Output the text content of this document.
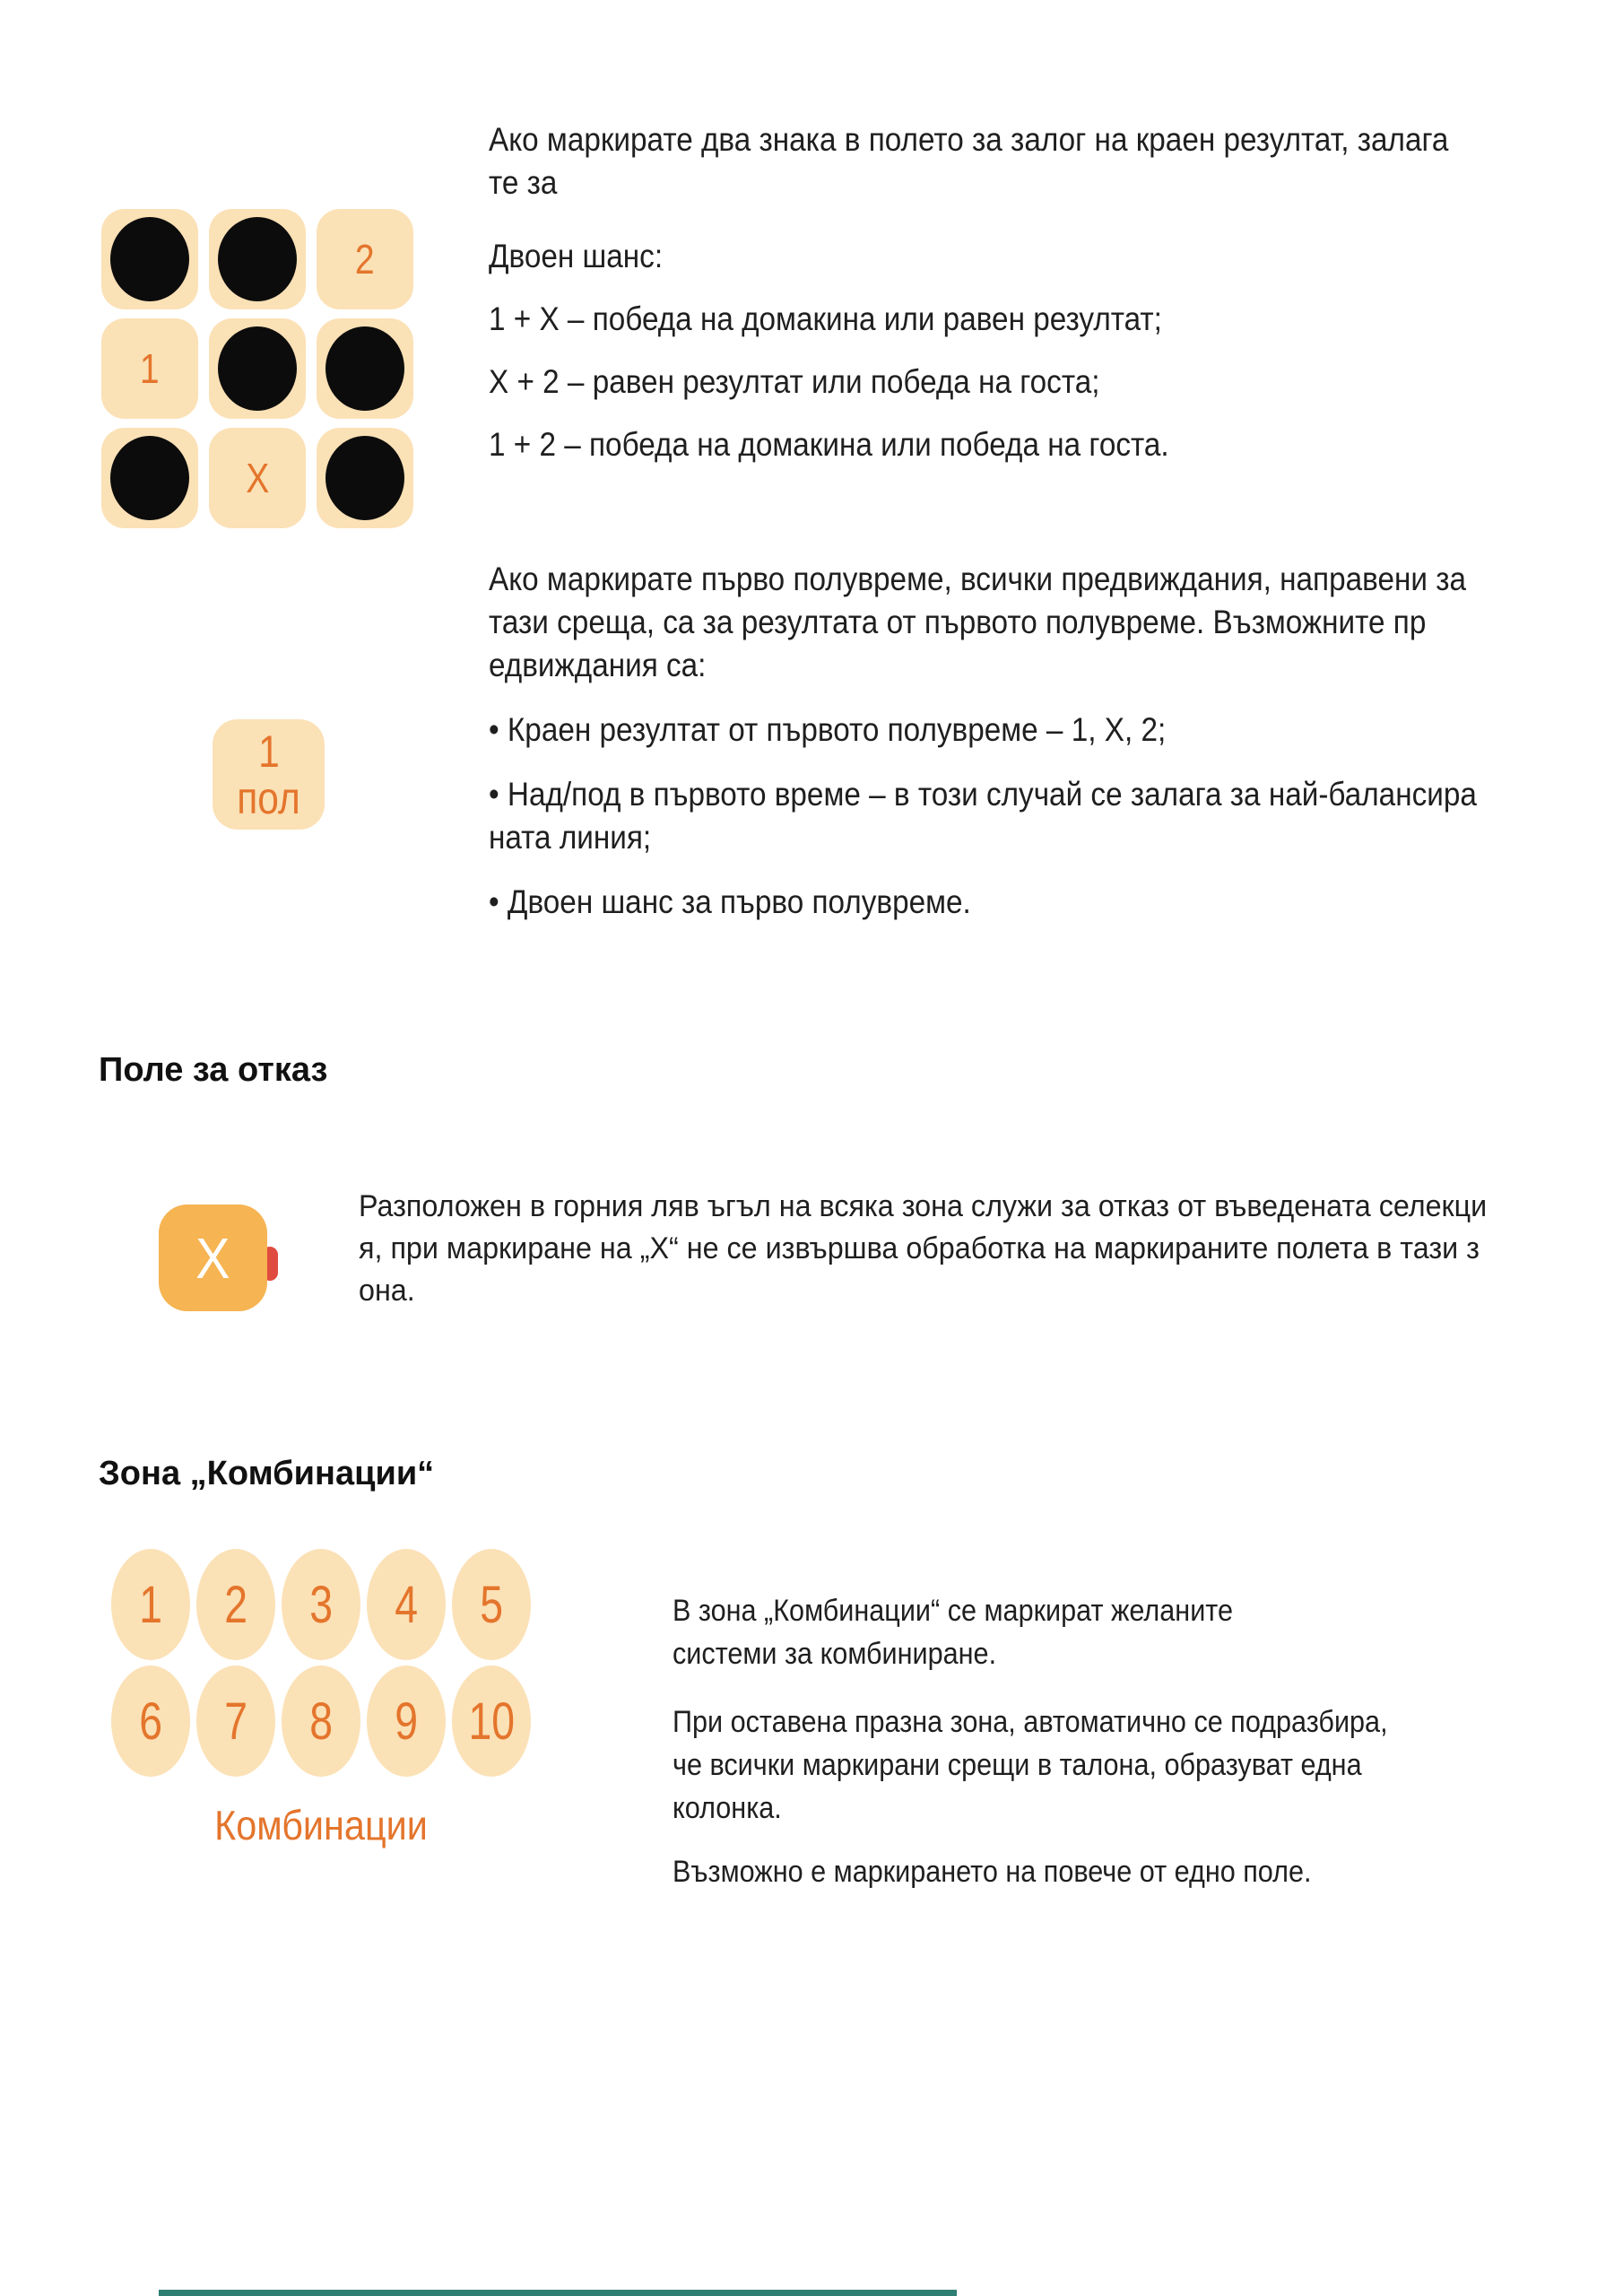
2
1
X
Ако маркирате два знака в полето за залог на краен резултат, залага
те за
Двоен шанс:
1 + X – победа на домакина или равен резултат;
X + 2 – равен резултат или победа на госта;
1 + 2 – победа на домакина или победа на госта.
1
пол
Ако маркирате първо полувреме, всички предвиждания, направени за
тази среща, са за резултата от първото полувреме. Възможните пр
едвиждания са:
• Краен резултат от първото полувреме – 1, X, 2;
• Над/под в първото време – в този случай се залага за най-балансира
ната линия;
• Двоен шанс за първо полувреме.
Поле за отказ
X
Разположен в горния ляв ъгъл на всяка зона служи за отказ от въведената селекци
я, при маркиране на „Х“ не се извършва обработка на маркираните полета в тази з
она.
Зона „Комбинации“
1 2 3 4 5
6 7 8 9 10
Комбинации
В зона „Комбинации“ се маркират желаните
системи за комбиниране.
При оставена празна зона, автоматично се подразбира,
че всички маркирани срещи в талона, образуват една
колонка.
Възможно е маркирането на повече от едно поле.
